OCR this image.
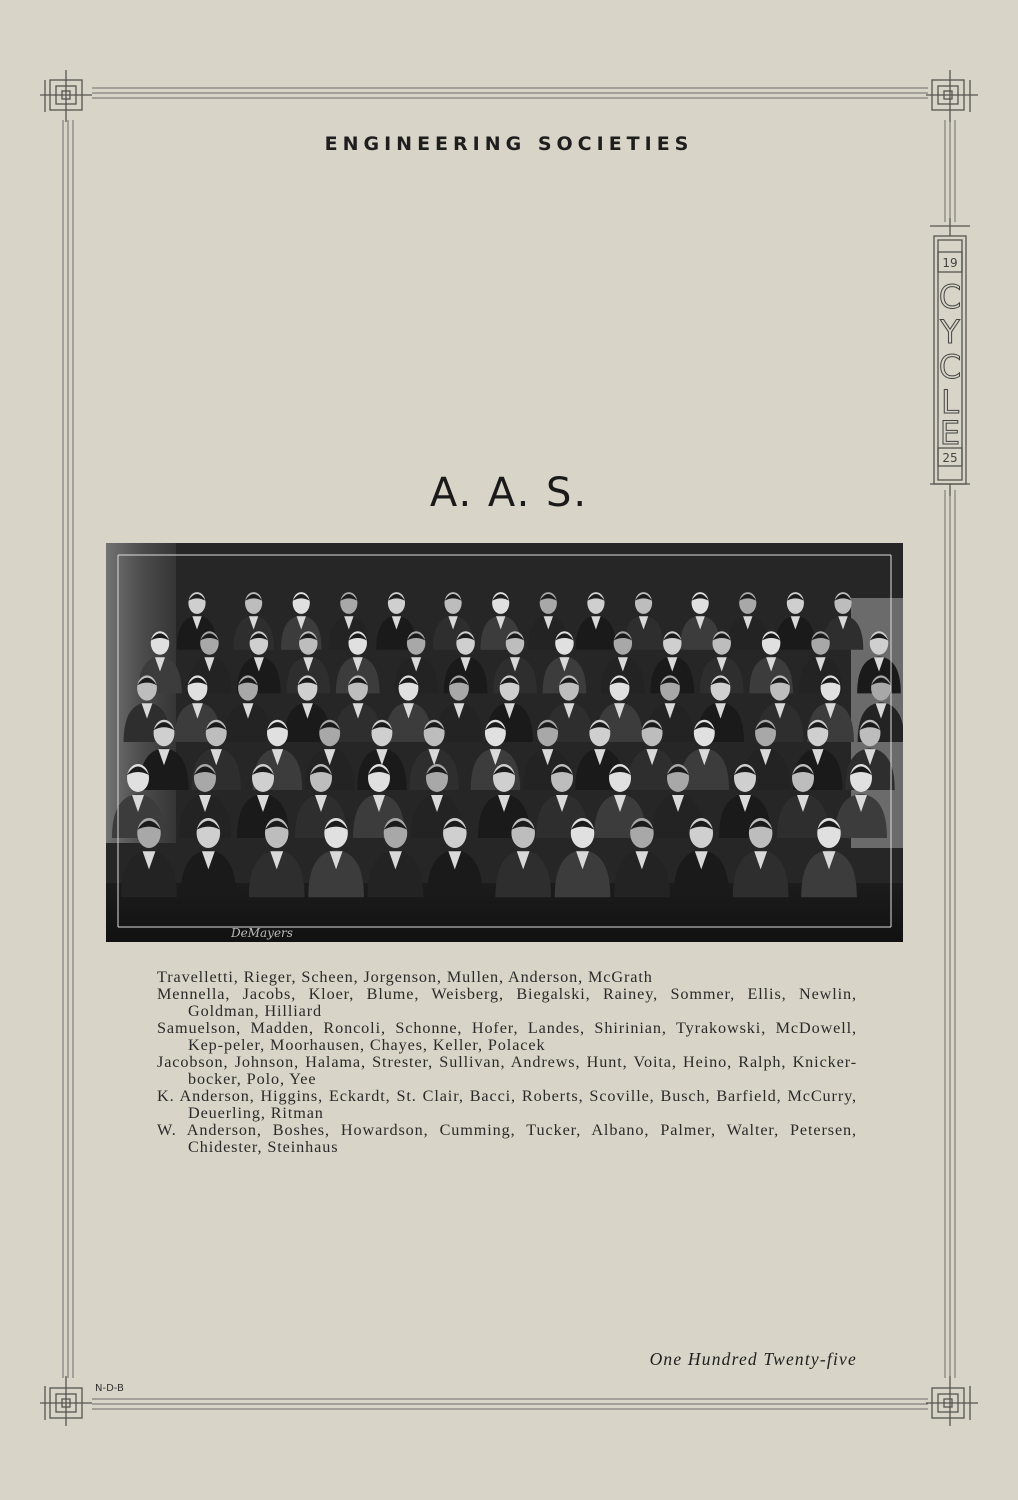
19
C
Y
C
L
E
25
ENGINEERING SOCIETIES
A. A. S.
DeMayers

Travelletti, Rieger, Scheen, Jorgenson, Mullen, Anderson, McGrath

Mennella, Jacobs, Kloer, Blume, Weisberg, Biegalski, Rainey, Sommer, Ellis, Newlin, Goldman, Hilliard

Samuelson, Madden, Roncoli, Schonne, Hofer, Landes, Shirinian, Tyrakowski, McDowell, Kep-peler, Moorhausen, Chayes, Keller, Polacek

Jacobson, Johnson, Halama, Strester, Sullivan, Andrews, Hunt, Voita, Heino, Ralph, Knicker-bocker, Polo, Yee

K. Anderson, Higgins, Eckardt, St. Clair, Bacci, Roberts, Scoville, Busch, Barfield, McCurry, Deuerling, Ritman

W. Anderson, Boshes, Howardson, Cumming, Tucker, Albano, Palmer, Walter, Petersen, Chidester, Steinhaus

One Hundred Twenty-five
N-D-B
